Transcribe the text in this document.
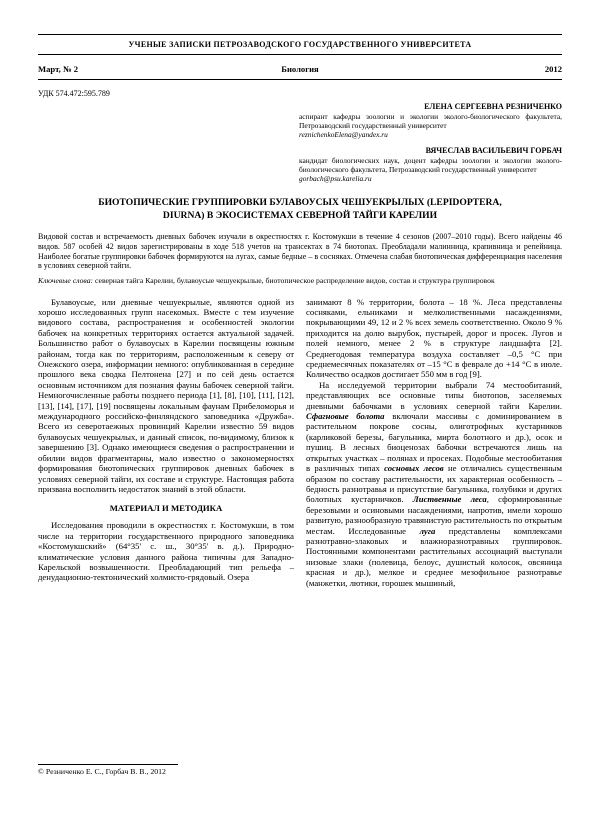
УЧЕНЫЕ ЗАПИСКИ ПЕТРОЗАВОДСКОГО ГОСУДАРСТВЕННОГО УНИВЕРСИТЕТА
Март, № 2	Биология	2012
УДК 574.472:595.789
ЕЛЕНА СЕРГЕЕВНА РЕЗНИЧЕНКО
аспирант кафедры зоологии и экологии эколого-биологического факультета, Петрозаводский государственный университет
reznichenkoElena@yandex.ru
ВЯЧЕСЛАВ ВАСИЛЬЕВИЧ ГОРБАЧ
кандидат биологических наук, доцент кафедры зоологии и экологии эколого-биологического факультета, Петрозаводский государственный университет
gorbach@psu.karelia.ru
БИОТОПИЧЕСКИЕ ГРУППИРОВКИ БУЛАВОУСЫХ ЧЕШУЕКРЫЛЫХ (LEPIDOPTERA, DIURNA) В ЭКОСИСТЕМАХ СЕВЕРНОЙ ТАЙГИ КАРЕЛИИ

Видовой состав и встречаемость дневных бабочек изучали в окрестностях г. Костомукши в течение 4 сезонов (2007–2010 годы). Всего найдены 46 видов. 587 особей 42 видов зарегистрированы в ходе 518 учетов на трансектах в 74 биотопах. Преобладали малинница, крапивница и репейница. Наиболее богатые группировки бабочек формируются на лугах, самые бедные – в сосняках. Отмечена слабая биотопическая дифференциация населения в условиях северной тайги.

Ключевые слова: северная тайга Карелии, булавоусые чешуекрылые, биотопическое распределение видов, состав и структура группировок

Булавоусые, или дневные чешуекрылые, являются одной из хорошо исследованных групп насекомых. Вместе с тем изучение видового состава, распространения и особенностей экологии бабочек на конкретных территориях остается актуальной задачей. Большинство работ о булавоусых в Карелии посвящены южным районам, тогда как по территориям, расположенным к северу от Онежского озера, информации немного: опубликованная в середине прошлого века сводка Пелтонена [27] и по сей день остается основным источником для познания фауны бабочек северной тайги. Немногочисленные работы позднего периода [1], [8], [10], [11], [12], [13], [14], [17], [19] посвящены локальным фаунам Прибеломорья и международного российско-финляндского заповедника «Дружба». Всего из северотаежных провинций Карелии известно 59 видов булавоусых чешуекрылых, и данный список, по-видимому, близок к завершению [3]. Однако имеющиеся сведения о распространении и обилии видов фрагментарны, мало известно о закономерностях формирования биотопических группировок дневных бабочек в условиях северной тайги, их составе и структуре. Настоящая работа призвана восполнить недостаток знаний в этой области.

МАТЕРИАЛ И МЕТОДИКА

Исследования проводили в окрестностях г. Костомукши, в том числе на территории государственного природного заповедника «Костомукшский» (64°35' с. ш., 30°35' в. д.). Природно-климатические условия данного района типичны для Западно-Карельской возвышенности. Преобладающий тип рельефа – денудационно-тектонический холмисто-грядовый. Озера

© Резниченко Е. С., Горбач В. В., 2012

занимают 8 % территории, болота – 18 %. Леса представлены сосняками, ельниками и мелколиственными насаждениями, покрывающими 49, 12 и 2 % всех земель соответственно. Около 9 % приходится на долю вырубок, пустырей, дорог и просек. Лугов и полей немного, менее 2 % в структуре ландшафта [2]. Среднегодовая температура воздуха составляет –0,5 °С при среднемесячных показателях от –15 °С в феврале до +14 °С в июле. Количество осадков достигает 550 мм в год [9].

На исследуемой территории выбрали 74 местообитаний, представляющих все основные типы биотопов, заселяемых дневными бабочками в условиях северной тайги Карелии. Сфагновые болота включали массивы с доминированием в растительном покрове сосны, олиготрофных кустарников (карликовой березы, багульника, мирта болотного и др.), осок и пушиц. В лесных биоценозах бабочки встречаются лишь на открытых участках – полянах и просеках. Подобные местообитания в различных типах сосновых лесов не отличались существенным образом по составу растительности, их характерная особенность – бедность разнотравья и присутствие багульника, голубики и других болотных кустарничков. Лиственные леса, сформированные березовыми и осиновыми насаждениями, напротив, имели хорошо развитую, разнообразную травянистую растительность по открытым местам. Исследованные луга представлены комплексами разнотравно-злаковых и влажноразнотравных группировок. Постоянными компонентами растительных ассоциаций выступали низовые злаки (полевица, белоус, душистый колосок, овсяница красная и др.), мелкое и среднее мезофильное разнотравье (манжетки, лютики, горошек мышиный,
